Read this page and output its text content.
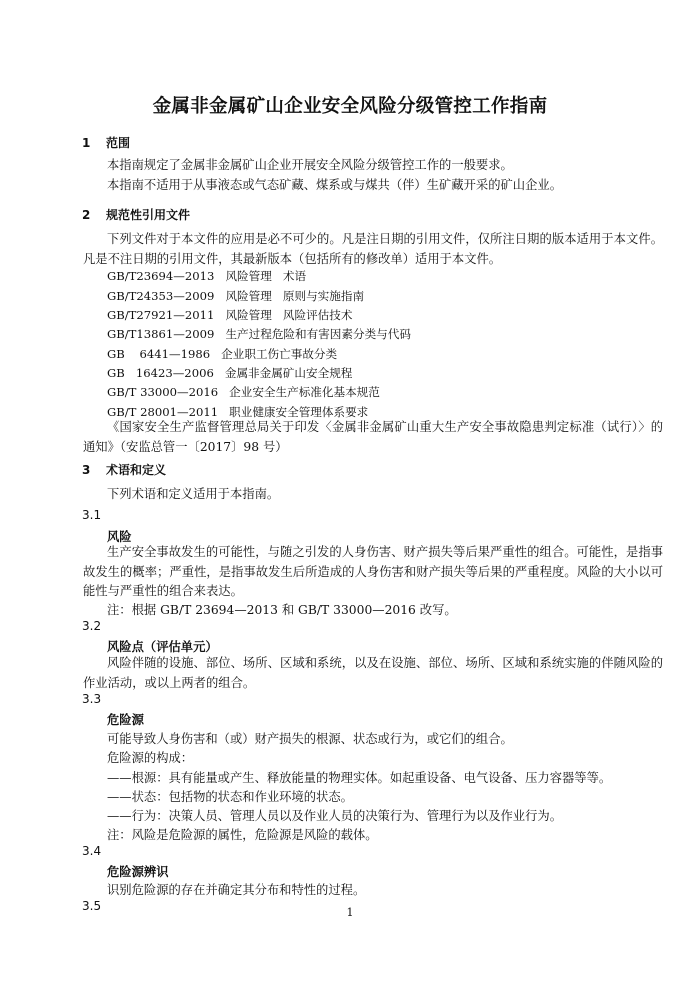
金属非金属矿山企业安全风险分级管控工作指南
1 范围

本指南规定了金属非金属矿山企业开展安全风险分级管控工作的一般要求。

本指南不适用于从事液态或气态矿藏、煤系或与煤共（伴）生矿藏开采的矿山企业。

2 规范性引用文件

下列文件对于本文件的应用是必不可少的。凡是注日期的引用文件，仅所注日期的版本适用于本文件。凡是不注日期的引用文件，其最新版本（包括所有的修改单）适用于本文件。

GB/T23694—2013   风险管理   术语
GB/T24353—2009   风险管理   原则与实施指南
GB/T27921—2011   风险管理   风险评估技术
GB/T13861—2009   生产过程危险和有害因素分类与代码
GB    6441—1986   企业职工伤亡事故分类
GB   16423—2006   金属非金属矿山安全规程
GB/T 33000—2016   企业安全生产标准化基本规范
GB/T 28001—2011   职业健康安全管理体系要求

《国家安全生产监督管理总局关于印发〈金属非金属矿山重大生产安全事故隐患判定标准（试行）〉的通知》（安监总管一〔2017〕98 号）

3 术语和定义

下列术语和定义适用于本指南。

3.1
风险

生产安全事故发生的可能性，与随之引发的人身伤害、财产损失等后果严重性的组合。可能性，是指事故发生的概率；严重性，是指事故发生后所造成的人身伤害和财产损失等后果的严重程度。风险的大小以可能性与严重性的组合来表达。

注：根据 GB/T 23694—2013 和 GB/T 33000—2016 改写。
3.2
风险点（评估单元）

风险伴随的设施、部位、场所、区域和系统，以及在设施、部位、场所、区域和系统实施的伴随风险的作业活动，或以上两者的组合。

3.3
危险源
可能导致人身伤害和（或）财产损失的根源、状态或行为，或它们的组合。
危险源的构成：
——根源：具有能量或产生、释放能量的物理实体。如起重设备、电气设备、压力容器等等。
——状态：包括物的状态和作业环境的状态。
——行为：决策人员、管理人员以及作业人员的决策行为、管理行为以及作业行为。
注：风险是危险源的属性，危险源是风险的载体。
3.4
危险源辨识
识别危险源的存在并确定其分布和特性的过程。
3.5	1
